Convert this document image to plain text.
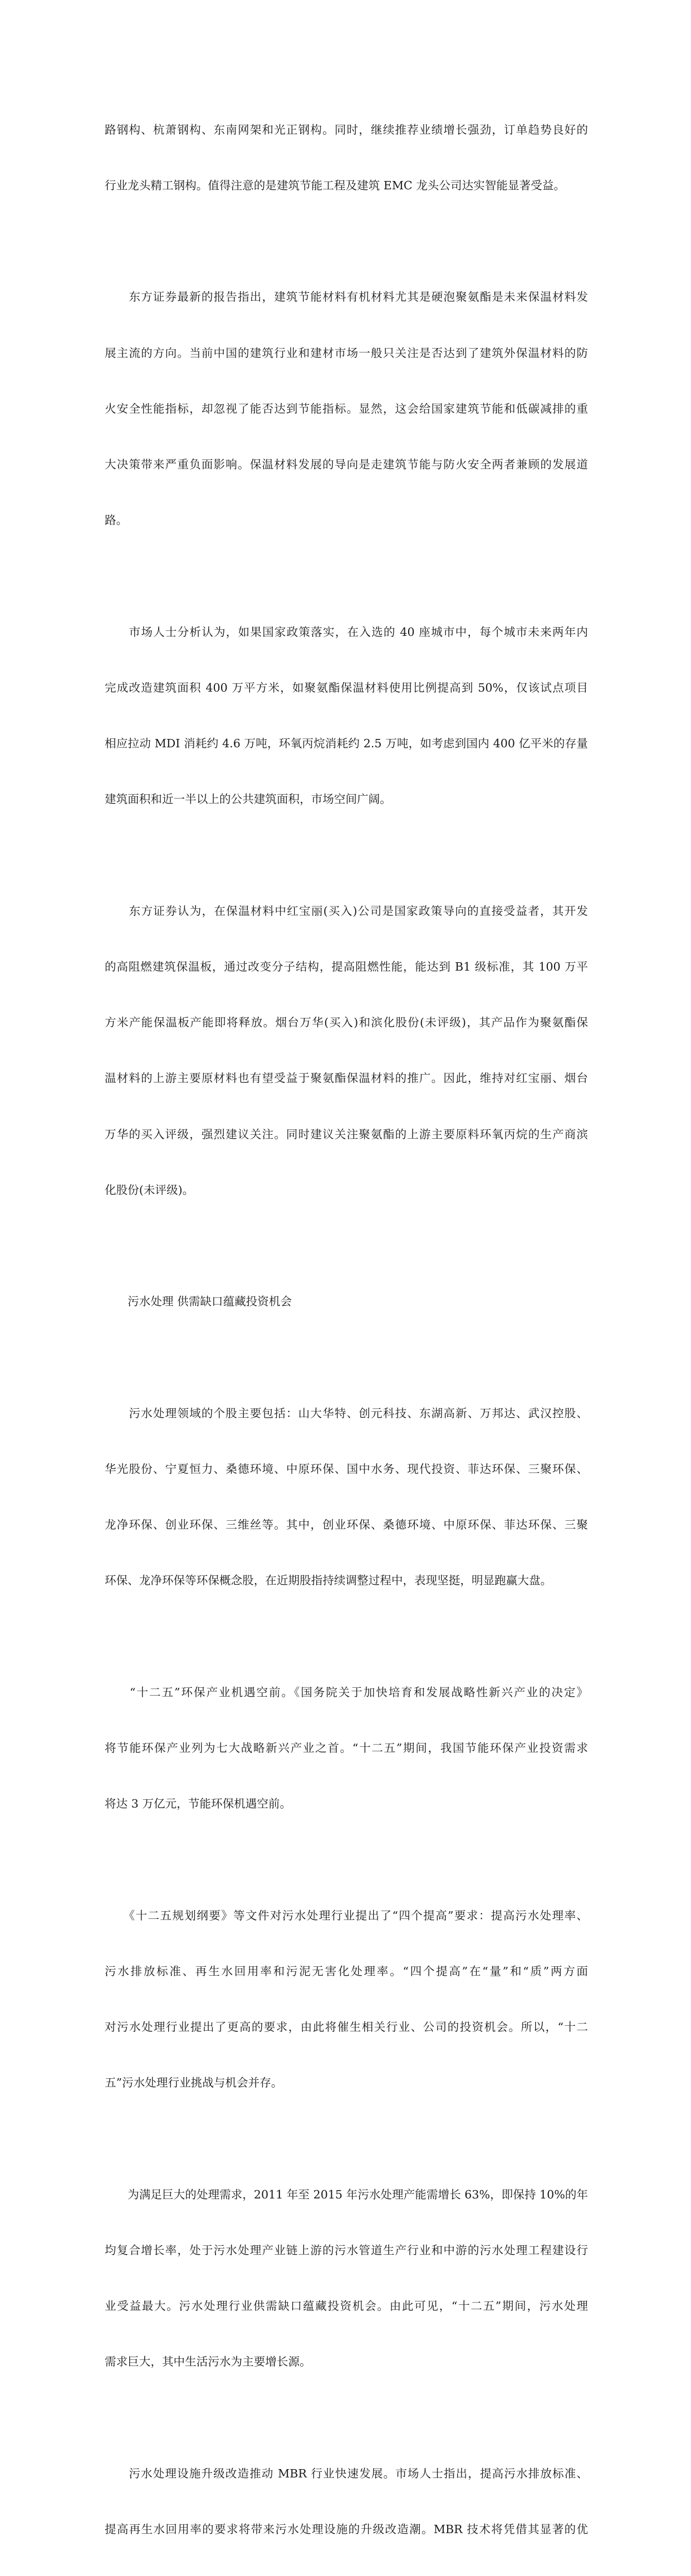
路钢构、杭萧钢构、东南网架和光正钢构。同时，继续推荐业绩增长强劲，订单趋势良好的

行业龙头精工钢构。值得注意的是建筑节能工程及建筑 EMC 龙头公司达实智能显著受益。

　　东方证券最新的报告指出，建筑节能材料有机材料尤其是硬泡聚氨酯是未来保温材料发

展主流的方向。当前中国的建筑行业和建材市场一般只关注是否达到了建筑外保温材料的防

火安全性能指标，却忽视了能否达到节能指标。显然，这会给国家建筑节能和低碳减排的重

大决策带来严重负面影响。保温材料发展的导向是走建筑节能与防火安全两者兼顾的发展道

路。

　　市场人士分析认为，如果国家政策落实，在入选的 40 座城市中，每个城市未来两年内

完成改造建筑面积 400 万平方米，如聚氨酯保温材料使用比例提高到 50%，仅该试点项目

相应拉动 MDI 消耗约 4.6 万吨，环氧丙烷消耗约 2.5 万吨，如考虑到国内 400 亿平米的存量

建筑面积和近一半以上的公共建筑面积，市场空间广阔。

　　东方证券认为，在保温材料中红宝丽(买入)公司是国家政策导向的直接受益者，其开发

的高阻燃建筑保温板，通过改变分子结构，提高阻燃性能，能达到 B1 级标准，其 100 万平

方米产能保温板产能即将释放。烟台万华(买入)和滨化股份(未评级)，其产品作为聚氨酯保

温材料的上游主要原材料也有望受益于聚氨酯保温材料的推广。因此，维持对红宝丽、烟台

万华的买入评级，强烈建议关注。同时建议关注聚氨酯的上游主要原料环氧丙烷的生产商滨

化股份(未评级)。

　　污水处理 供需缺口蕴藏投资机会

　　污水处理领域的个股主要包括：山大华特、创元科技、东湖高新、万邦达、武汉控股、

华光股份、宁夏恒力、桑德环境、中原环保、国中水务、现代投资、菲达环保、三聚环保、

龙净环保、创业环保、三维丝等。其中，创业环保、桑德环境、中原环保、菲达环保、三聚

环保、龙净环保等环保概念股，在近期股指持续调整过程中，表现坚挺，明显跑赢大盘。

　　“十二五”环保产业机遇空前。《国务院关于加快培育和发展战略性新兴产业的决定》

将节能环保产业列为七大战略新兴产业之首。“十二五”期间，我国节能环保产业投资需求

将达 3 万亿元，节能环保机遇空前。

　　《十二五规划纲要》等文件对污水处理行业提出了“四个提高”要求：提高污水处理率、

污水排放标准、再生水回用率和污泥无害化处理率。“四个提高”在“量”和“质”两方面

对污水处理行业提出了更高的要求，由此将催生相关行业、公司的投资机会。所以，“十二

五”污水处理行业挑战与机会并存。

　　为满足巨大的处理需求，2011 年至 2015 年污水处理产能需增长 63%，即保持 10%的年

均复合增长率，处于污水处理产业链上游的污水管道生产行业和中游的污水处理工程建设行

业受益最大。污水处理行业供需缺口蕴藏投资机会。由此可见，“十二五”期间，污水处理

需求巨大，其中生活污水为主要增长源。

　　污水处理设施升级改造推动 MBR 行业快速发展。市场人士指出，提高污水排放标准、

提高再生水回用率的要求将带来污水处理设施的升级改造潮。MBR 技术将凭借其显著的优
